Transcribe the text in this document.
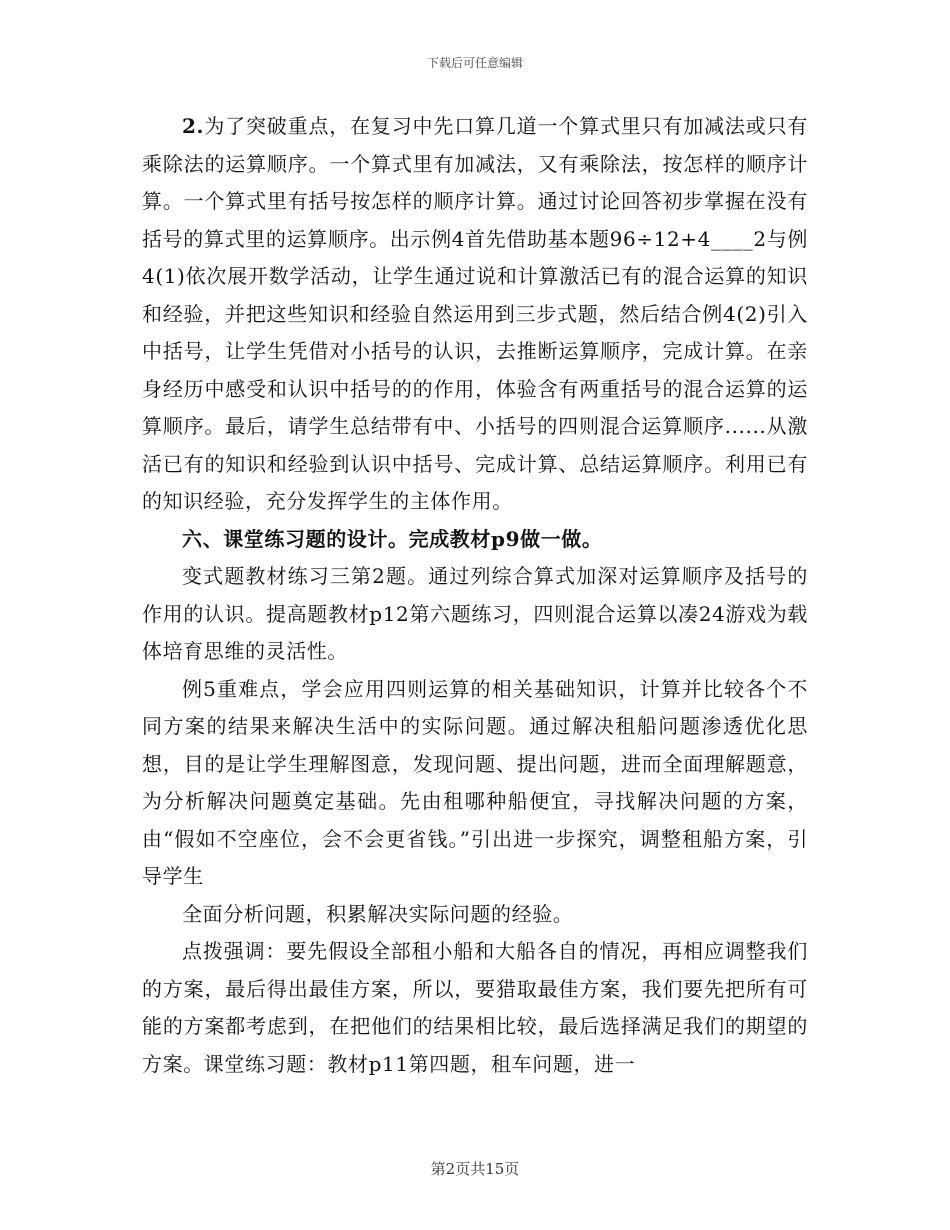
下载后可任意编辑

2.为了突破重点，在复习中先口算几道一个算式里只有加减法或只有乘除法的运算顺序。一个算式里有加减法，又有乘除法，按怎样的顺序计算。一个算式里有括号按怎样的顺序计算。通过讨论回答初步掌握在没有括号的算式里的运算顺序。出示例4首先借助基本题96÷12+4____2与例4(1)依次展开数学活动，让学生通过说和计算激活已有的混合运算的知识和经验，并把这些知识和经验自然运用到三步式题，然后结合例4(2)引入中括号，让学生凭借对小括号的认识，去推断运算顺序，完成计算。在亲身经历中感受和认识中括号的的作用，体验含有两重括号的混合运算的运算顺序。最后，请学生总结带有中、小括号的四则混合运算顺序......从激活已有的知识和经验到认识中括号、完成计算、总结运算顺序。利用已有的知识经验，充分发挥学生的主体作用。

六、课堂练习题的设计。完成教材p9做一做。

变式题教材练习三第2题。通过列综合算式加深对运算顺序及括号的作用的认识。提高题教材p12第六题练习，四则混合运算以凑24游戏为载体培育思维的灵活性。

例5重难点，学会应用四则运算的相关基础知识，计算并比较各个不同方案的结果来解决生活中的实际问题。通过解决租船问题渗透优化思想，目的是让学生理解图意，发现问题、提出问题，进而全面理解题意，为分析解决问题奠定基础。先由租哪种船便宜，寻找解决问题的方案，由“假如不空座位，会不会更省钱。”引出进一步探究，调整租船方案，引导学生

全面分析问题，积累解决实际问题的经验。

点拨强调：要先假设全部租小船和大船各自的情况，再相应调整我们的方案，最后得出最佳方案，所以，要猎取最佳方案，我们要先把所有可能的方案都考虑到，在把他们的结果相比较，最后选择满足我们的期望的方案。课堂练习题：教材p11第四题，租车问题，进一

第2页共15页
